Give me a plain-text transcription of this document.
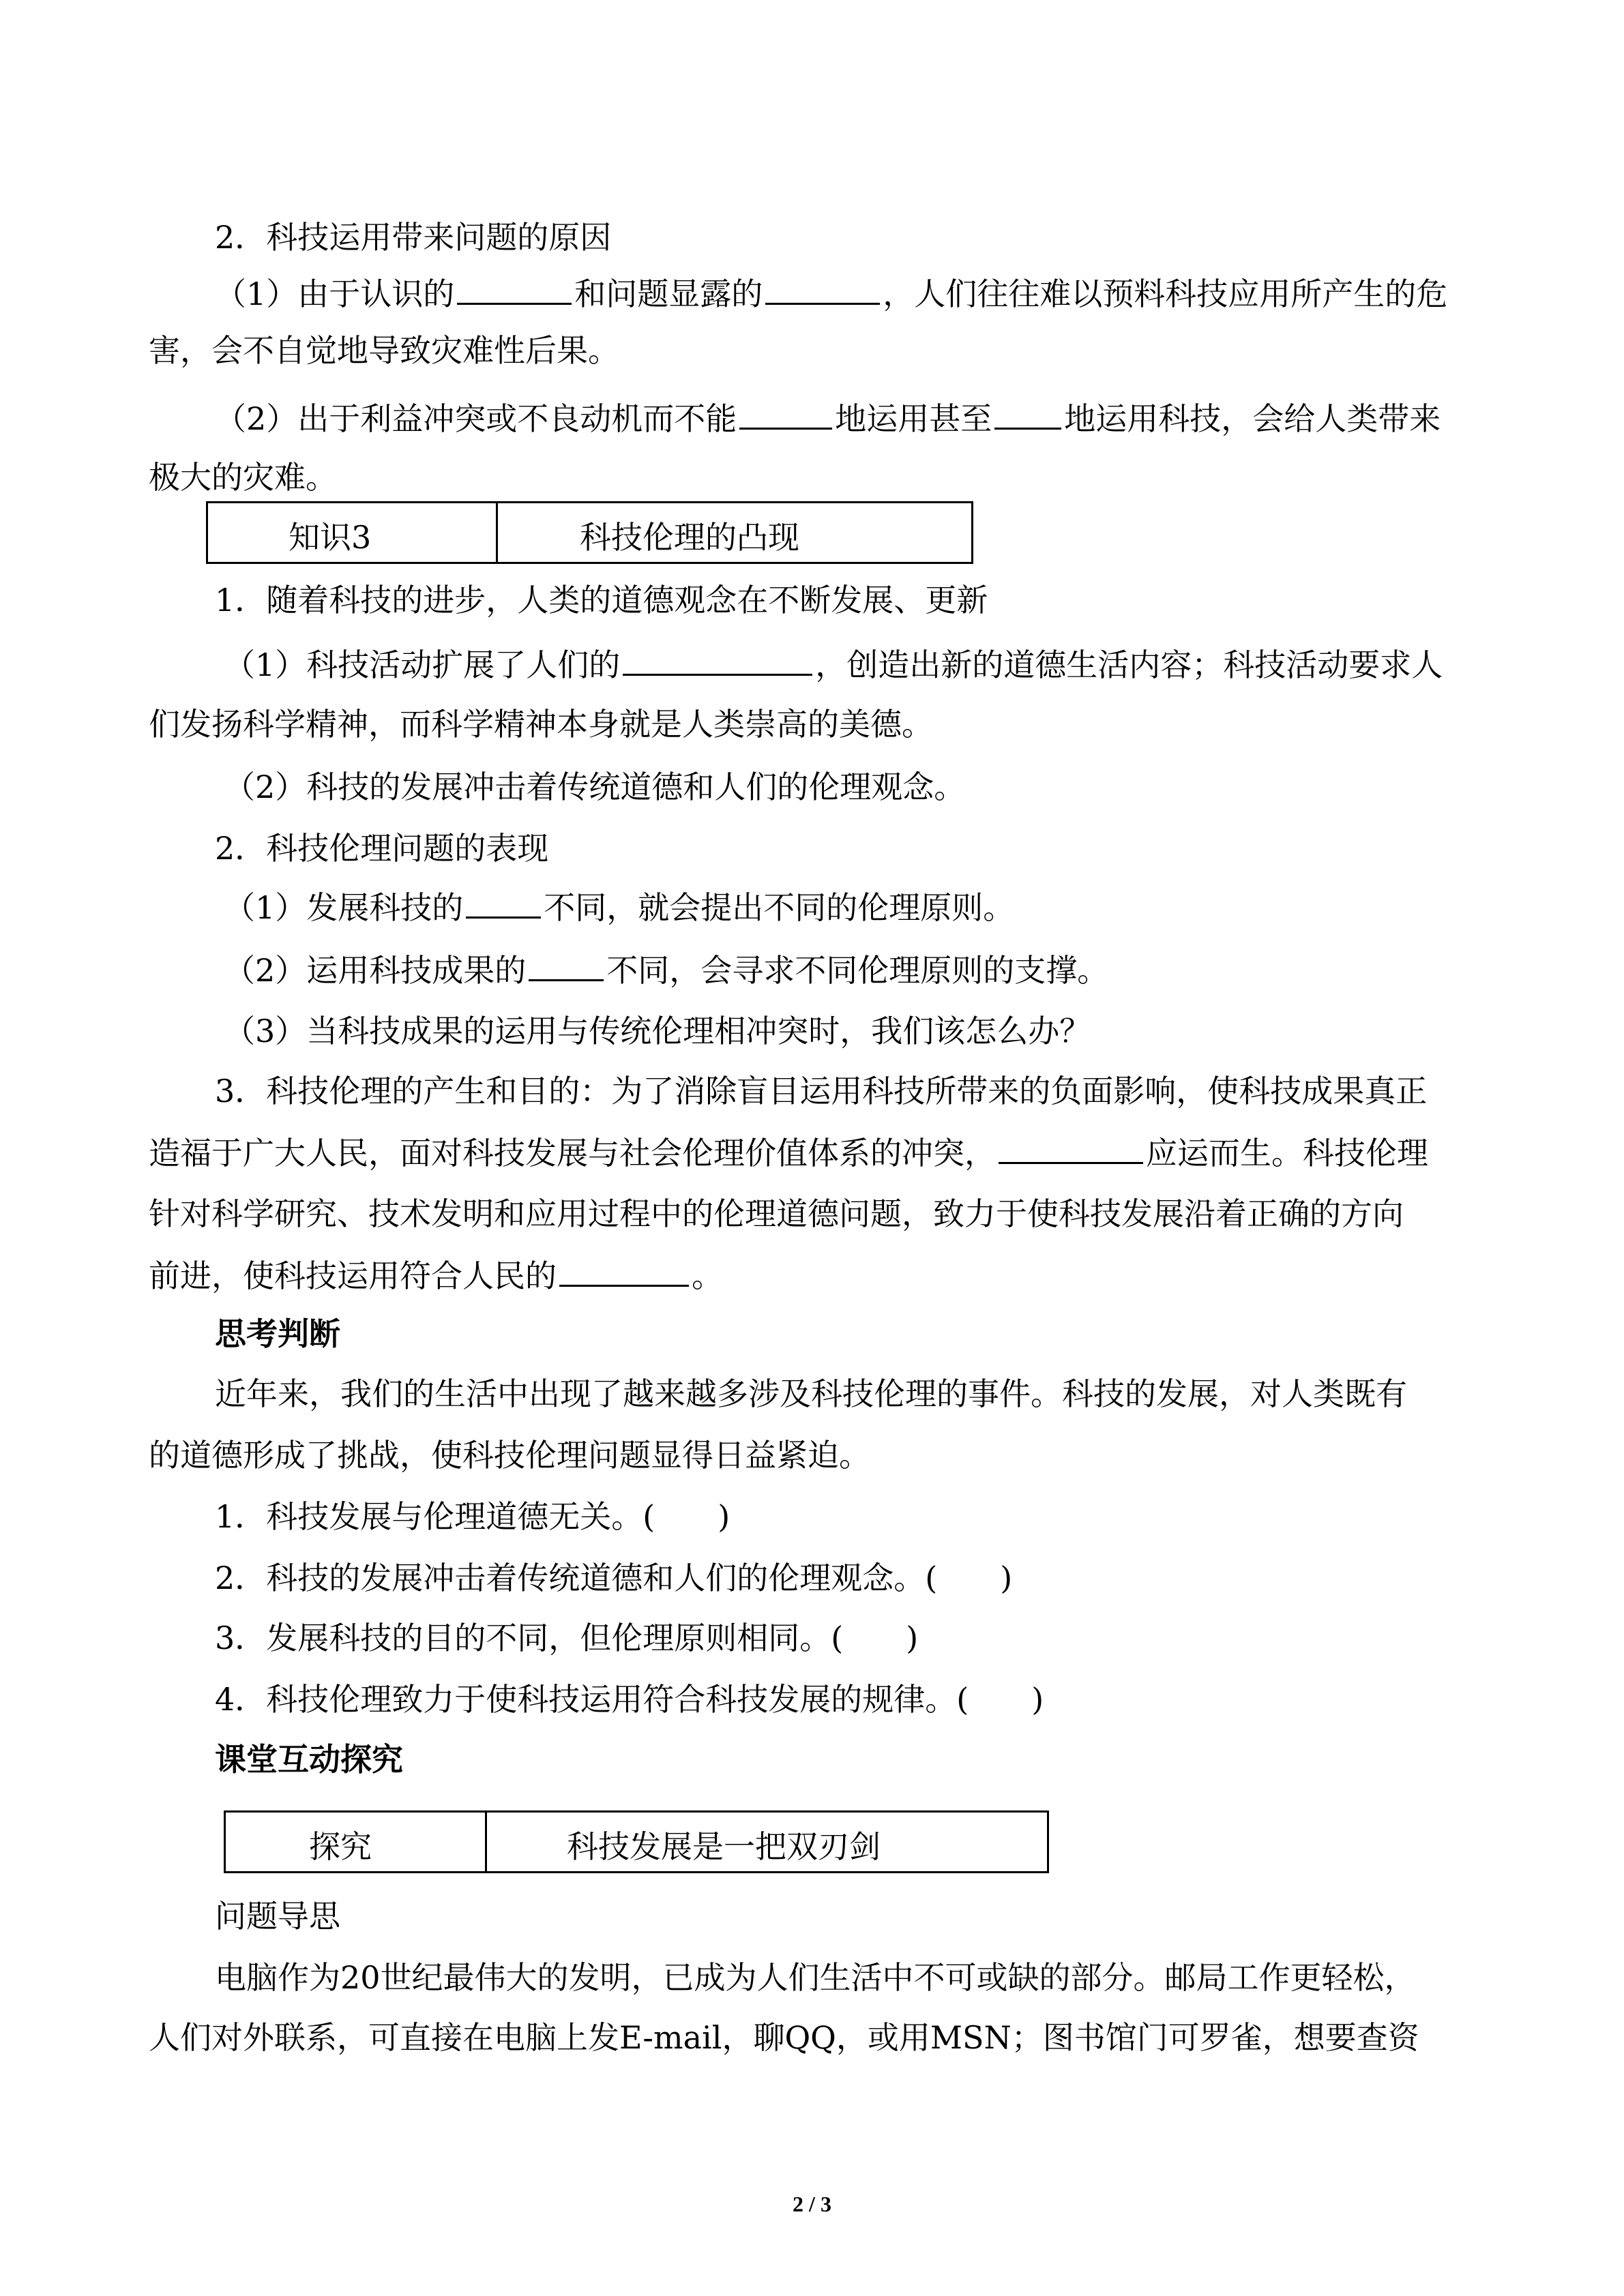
2．科技运用带来问题的原因
（1）由于认识的	和问题显露的	，人们往往难以预料科技应用所产生的危
害，会不自觉地导致灾难性后果。
（2）出于利益冲突或不良动机而不能	地运用甚至 地运用科技，会给人类带来
极大的灾难。
知识3	科技伦理的凸现
1．随着科技的进步，人类的道德观念在不断发展、更新
（1）科技活动扩展了人们的	，创造出新的道德生活内容；科技活动要求人
们发扬科学精神，而科学精神本身就是人类崇高的美德。
（2）科技的发展冲击着传统道德和人们的伦理观念。
2．科技伦理问题的表现
（1）发展科技的	不同，就会提出不同的伦理原则。
（2）运用科技成果的	不同，会寻求不同伦理原则的支撑。
（3）当科技成果的运用与传统伦理相冲突时，我们该怎么办？
3．科技伦理的产生和目的：为了消除盲目运用科技所带来的负面影响，使科技成果真正
造福于广大人民，面对科技发展与社会伦理价值体系的冲突，	应运而生。科技伦理
针对科学研究、技术发明和应用过程中的伦理道德问题，致力于使科技发展沿着正确的方向
前进，使科技运用符合人民的	。
思考判断
近年来，我们的生活中出现了越来越多涉及科技伦理的事件。科技的发展，对人类既有
的道德形成了挑战，使科技伦理问题显得日益紧迫。
1．科技发展与伦理道德无关。(　　)
2．科技的发展冲击着传统道德和人们的伦理观念。(　　)
3．发展科技的目的不同，但伦理原则相同。(　　)
4．科技伦理致力于使科技运用符合科技发展的规律。(　　)
课堂互动探究
探究	科技发展是一把双刃剑
问题导思
电脑作为20世纪最伟大的发明，已成为人们生活中不可或缺的部分。邮局工作更轻松，
人们对外联系，可直接在电脑上发E-mail，聊QQ，或用MSN；图书馆门可罗雀，想要查资
2 / 3
